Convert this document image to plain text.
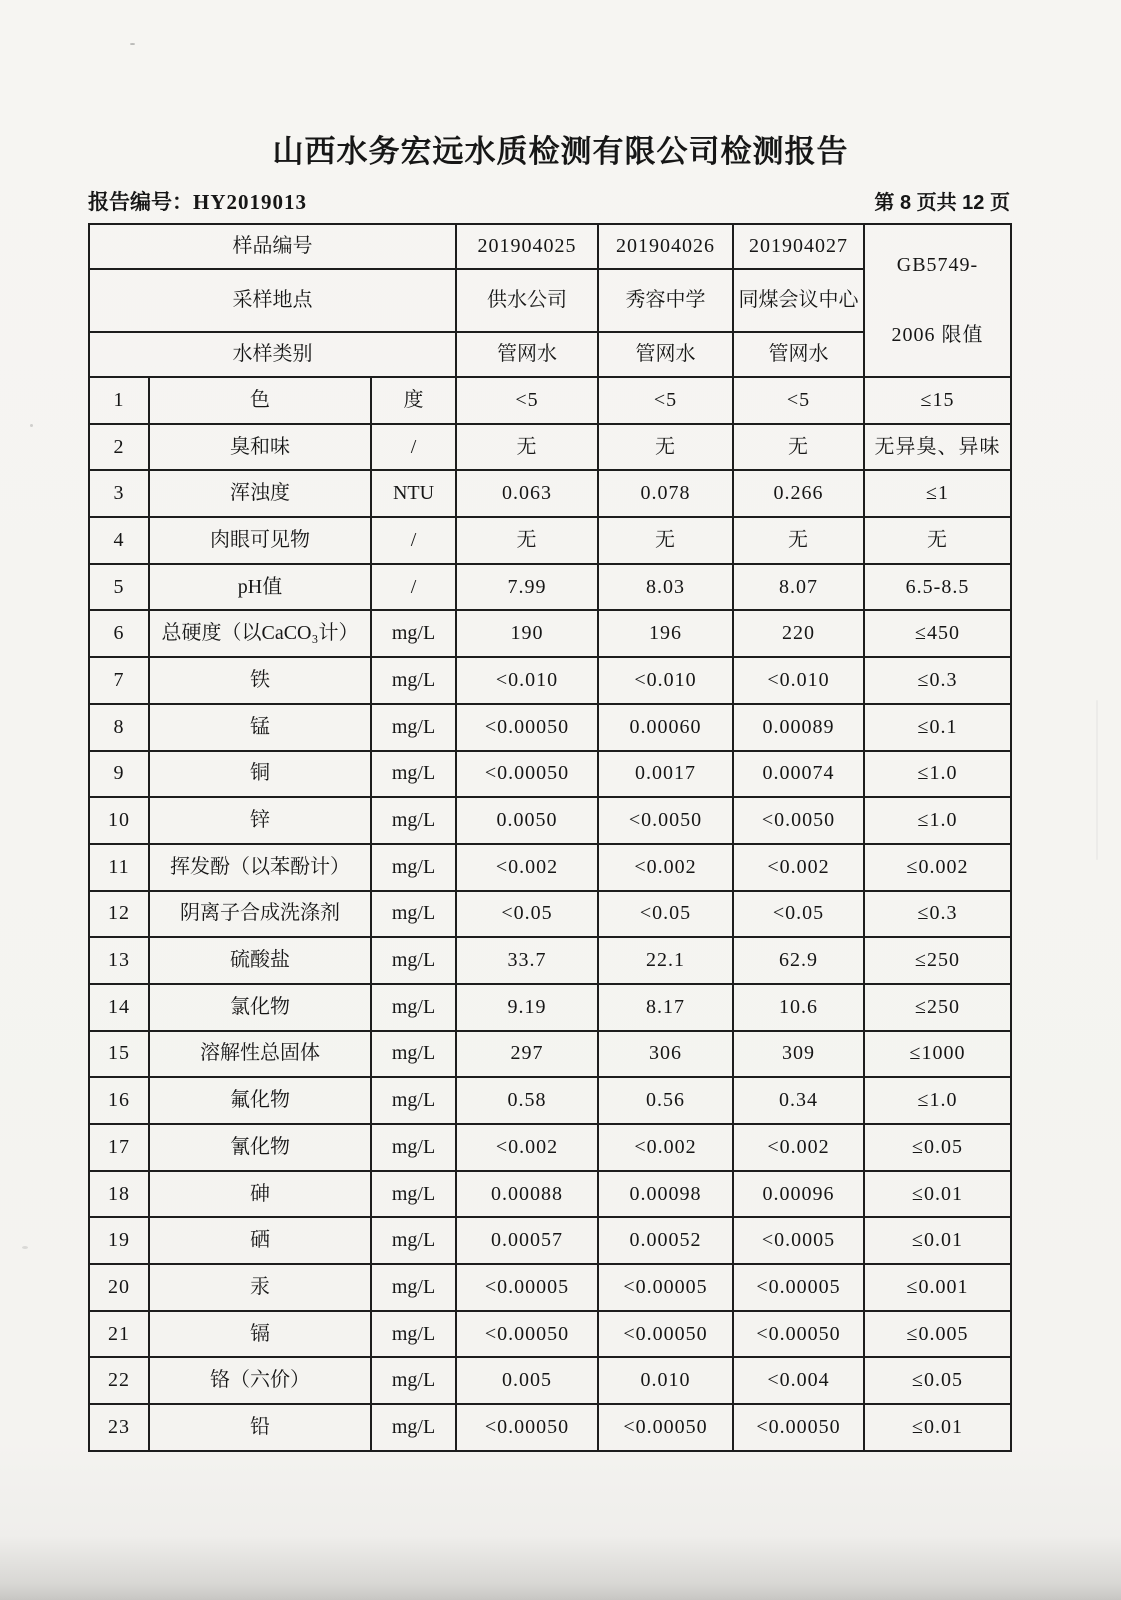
山西水务宏远水质检测有限公司检测报告
报告编号：HY2019013	第 8 页共 12 页
样品编号			201904025	201904026	201904027	GB5749-
2006 限值

采样地点			供水公司	秀容中学	同煤会议中心	
水样类别			管网水	管网水	管网水	
1	色	度	<5	<5	<5	≤15
2	臭和味	/	无	无	无	无异臭、异味
3	浑浊度	NTU	0.063	0.078	0.266	≤1
4	肉眼可见物	/	无	无	无	无
5	pH值	/	7.99	8.03	8.07	6.5-8.5
6	总硬度（以CaCO₃计）	mg/L	190	196	220	≤450
7	铁	mg/L	<0.010	<0.010	<0.010	≤0.3
8	锰	mg/L	<0.00050	0.00060	0.00089	≤0.1
9	铜	mg/L	<0.00050	0.0017	0.00074	≤1.0
10	锌	mg/L	0.0050	<0.0050	<0.0050	≤1.0
11	挥发酚（以苯酚计）	mg/L	<0.002	<0.002	<0.002	≤0.002
12	阴离子合成洗涤剂	mg/L	<0.05	<0.05	<0.05	≤0.3
13	硫酸盐	mg/L	33.7	22.1	62.9	≤250
14	氯化物	mg/L	9.19	8.17	10.6	≤250
15	溶解性总固体	mg/L	297	306	309	≤1000
16	氟化物	mg/L	0.58	0.56	0.34	≤1.0
17	氰化物	mg/L	<0.002	<0.002	<0.002	≤0.05
18	砷	mg/L	0.00088	0.00098	0.00096	≤0.01
19	硒	mg/L	0.00057	0.00052	<0.0005	≤0.01
20	汞	mg/L	<0.00005	<0.00005	<0.00005	≤0.001
21	镉	mg/L	<0.00050	<0.00050	<0.00050	≤0.005
22	铬（六价）	mg/L	0.005	0.010	<0.004	≤0.05
23	铅	mg/L	<0.00050	<0.00050	<0.00050	≤0.01
